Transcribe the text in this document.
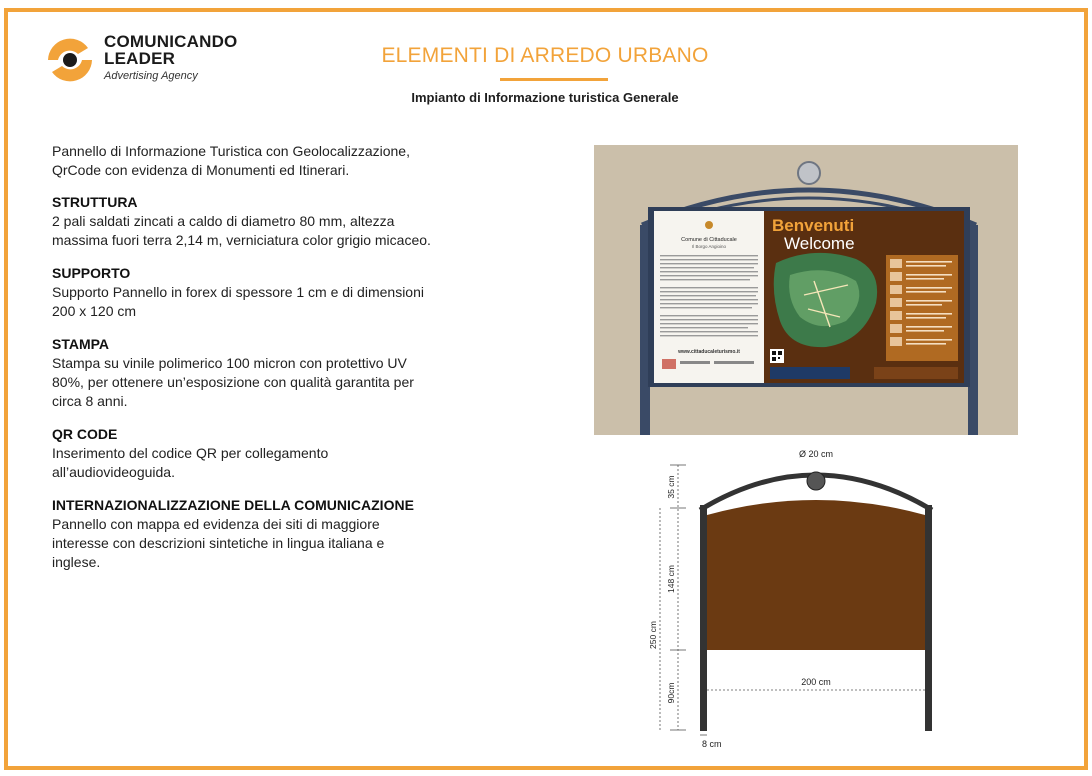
COMUNICANDO
LEADER
Advertising Agency
ELEMENTI DI ARREDO URBANO
Impianto di Informazione turistica Generale

Pannello di Informazione Turistica con Geolocalizzazione, QrCode con evidenza di Monumenti ed Itinerari.

STRUTTURA

2 pali saldati zincati a caldo di diametro 80 mm, altezza massima fuori terra 2,14 m, verniciatura color grigio micaceo.

SUPPORTO

Supporto Pannello in forex di spessore 1 cm e di dimensioni 200 x 120 cm

STAMPA

Stampa su vinile polimerico 100 micron con protettivo UV 80%, per ottenere un’esposizione con qualità garantita per circa 8 anni.

QR CODE

Inserimento del codice QR per collegamento all’audiovideoguida.

INTERNAZIONALIZZAZIONE DELLA COMUNICAZIONE

Pannello con mappa ed evidenza dei siti di maggiore interesse con descrizioni sintetiche in lingua italiana e inglese.

Comune di Cittaducale
Il Borgo Angioino
www.cittaducaleturismo.it
Benvenuti
Welcome
Ø 20 cm
35 cm
148 cm
250 cm
90cm
200 cm
8 cm
